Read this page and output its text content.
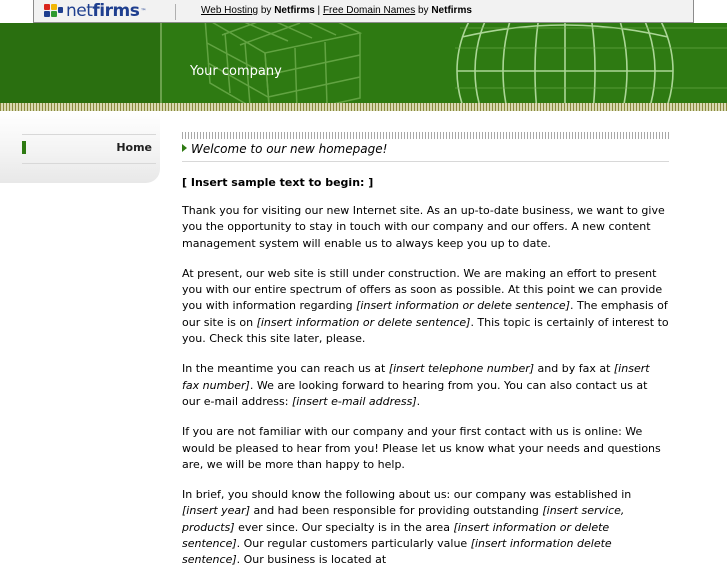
net firms ™	Web Hosting by Netfirms | Free Domain Names by Netfirms
Your company
Home	Welcome to our new homepage!
[ Insert sample text to begin: ]

Thank you for visiting our new Internet site. As an up-to-date business, we want to give you the opportunity to stay in touch with our company and our offers. A new content management system will enable us to always keep you up to date.

At present, our web site is still under construction. We are making an effort to present you with our entire spectrum of offers as soon as possible. At this point we can provide you with information regarding [insert information or delete sentence]. The emphasis of our site is on [insert information or delete sentence]. This topic is certainly of interest to you. Check this site later, please.

In the meantime you can reach us at [insert telephone number] and by fax at [insert fax number]. We are looking forward to hearing from you. You can also contact us at our e-mail address: [insert e-mail address].

If you are not familiar with our company and your first contact with us is online: We would be pleased to hear from you! Please let us know what your needs and questions are, we will be more than happy to help.

In brief, you should know the following about us: our company was established in [insert year] and had been responsible for providing outstanding [insert service, products] ever since. Our specialty is in the area [insert information or delete sentence]. Our regular customers particularly value [insert information delete sentence]. Our business is located at
